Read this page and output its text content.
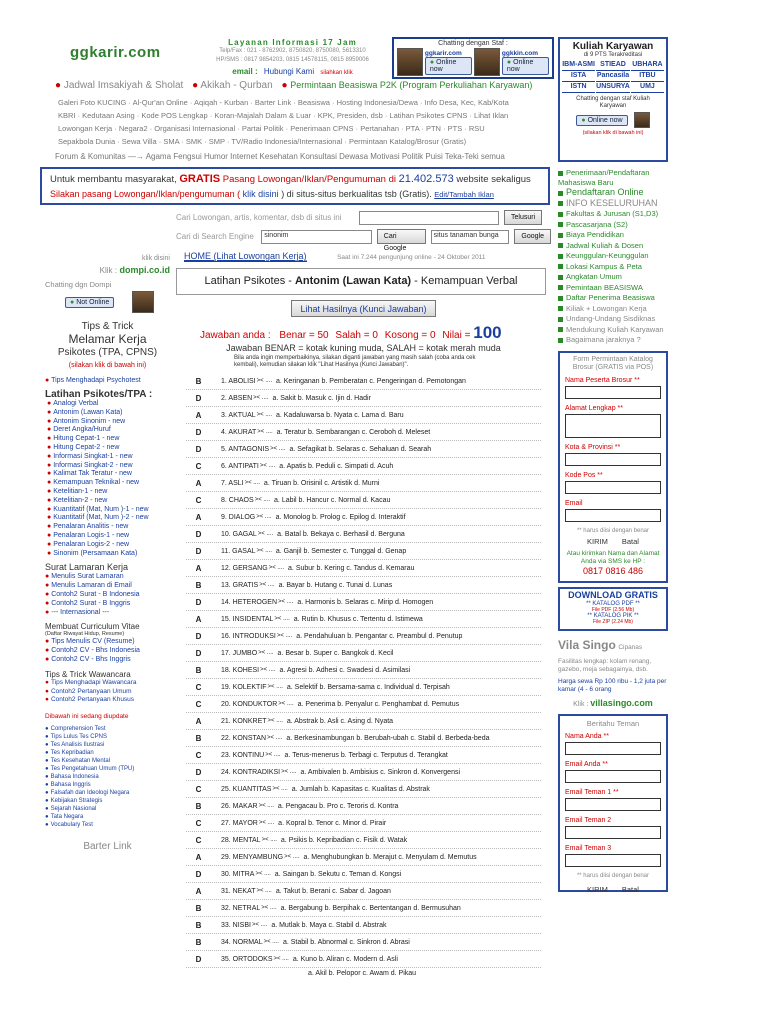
ggkarir.com
Layanan Informasi 17 Jam
Telp/Fax : 021 - 8762902, 8750820, 8750080, 5613310
HP/SMS : 0817 9854203, 0815 14578115, 0815 8959006
email : Hubungi Kami silahkan klik
Chatting dengan Staf :
ggkarir.com
● Online now
ggkkin.com
● Online now
● Jadwal Imsakiyah & Sholat ● Akikah - Qurban ● Permintaan Beasiswa P2K (Program Perkuliahan Karyawan)
Galeri Foto KUCING · Al-Qur'an Online · Aqiqah - Kurban · Barter Link · Beasiswa · Hosting Indonesia/Dewa · Info Desa, Kec, Kab/Kota
KBRI · Kedutaan Asing · Kode POS Lengkap · Koran-Majalah Dalam & Luar · KPK, Presiden, dsb · Latihan Psikotes CPNS · Lihat Iklan
Lowongan Kerja · Negara2 · Organisasi Internasional · Partai Politik · Penerimaan CPNS · Pertanahan · PTA · PTN · PTS · RSU
Sepakbola Dunia · Sewa Villa · SMA · SMK · SMP · TV/Radio Indonesia/Internasional · Permintaan Katalog/Brosur (Gratis)
Forum & Komunitas —→ Agama Fengsui Humor Internet Kesehatan Konsultasi Dewasa Motivasi Politik Puisi Teka-Teki semua
Untuk membantu masyarakat, GRATIS Pasang Lowongan/Iklan/Pengumuman di 21.402.573 website sekaligus
Silakan pasang Lowongan/Iklan/pengumuman ( klik disini ) di situs-situs berkualitas tsb (Gratis). Edit/Tambah Iklan
Cari Lowongan, artis, komentar, dsb di situs ini	Telusuri
Cari di Search Engine	sinonim	Cari Google
situs tanaman bunga	Google
HOME (Lihat Lowongan Kerja)	Saat ini 7.244 pengunjung online - 24 Oktober 2011
klik disini
Klik : dompi.co.id
Chatting dgn Dompi
● Not Online
Tips & Trick
Melamar Kerja
Psikotes (TPA, CPNS)
(silakan klik di bawah ini)
● Tips Menghadapi Psychotest
Latihan Psikotes/TPA :
● Analogi Verbal
● Antonim (Lawan Kata)
● Antonim Sinonim - new
● Deret Angka/Huruf
● Hitung Cepat-1 - new
● Hitung Cepat-2 - new
● Informasi Singkat-1 - new
● Informasi Singkat-2 - new
● Kalimat Tak Teratur - new
● Kemampuan Teknikal - new
● Ketelitian-1 - new
● Ketelitian-2 - new
● Kuantitatif (Mat, Num )-1 - new
● Kuantitatif (Mat, Num )-2 - new
● Penalaran Analitis - new
● Penalaran Logis-1 - new
● Penalaran Logis-2 - new
● Sinonim (Persamaan Kata)
Surat Lamaran Kerja
● Menulis Surat Lamaran
● Menulis Lamaran di Email
● Contoh2 Surat - B Indonesia
● Contoh2 Surat - B Inggris
● --- Internasional ---
Membuat Curriculum Vitae
(Daftar Riwayat Hidup, Resume)
● Tips Menulis CV (Resume)
● Contoh2 CV - Bhs Indonesia
● Contoh2 CV - Bhs Inggris
Tips & Trick Wawancara
● Tips Menghadapi Wawancara
● Contoh2 Pertanyaan Umum
● Contoh2 Pertanyaan Khusus
Dibawah ini sedang diupdate
● Comprehension Test
● Tips Lulus Tes CPNS
● Tes Analisis Ilustrasi
● Tes Kepribadian
● Tes Kesehatan Mental
● Tes Pengetahuan Umum (TPU)
● Bahasa Indonesia
● Bahasa Inggris
● Falsafah dan Ideologi Negara
● Kebijakan Strategis
● Sejarah Nasional
● Tata Negara
● Vocabulary Test
Barter Link
Latihan Psikotes - Antonim (Lawan Kata) - Kemampuan Verbal
Lihat Hasilnya (Kunci Jawaban)
Jawaban anda : Benar = 50 Salah = 0 Kosong = 0 Nilai = 100
Jawaban BENAR = kotak kuning muda, SALAH = kotak merah muda
Bila anda ingin memperbaikinya, silakan diganti jawaban yang masih salah (coba anda cek kembali), kemudian silakan klik "Lihat Hasilnya (Kunci Jawaban)".
B	1. ABOLISI >< .... a. Keringanan b. Pemberatan c. Pengeringan d. Pemotongan
D	2. ABSEN >< .... a. Sakit b. Masuk c. Ijin d. Hadir
A	3. AKTUAL >< .... a. Kadaluwarsa b. Nyata c. Lama d. Baru
D	4. AKURAT >< .... a. Teratur b. Sembarangan c. Ceroboh d. Meleset
D	5. ANTAGONIS >< .... a. Sefagikat b. Selaras c. Sehaluan d. Searah
C	6. ANTIPATI >< .... a. Apatis b. Peduli c. Simpati d. Acuh
A	7. ASLI >< .... a. Tiruan b. Orisinil c. Artistik d. Murni
C	8. CHAOS >< .... a. Labil b. Hancur c. Normal d. Kacau
A	9. DIALOG >< .... a. Monolog b. Prolog c. Epilog d. Interaktif
D	10. GAGAL >< .... a. Batal b. Bekaya c. Berhasil d. Berguna
D	11. GASAL >< .... a. Ganjil b. Semester c. Tunggal d. Genap
A	12. GERSANG >< .... a. Subur b. Kering c. Tandus d. Kemarau
B	13. GRATIS >< .... a. Bayar b. Hutang c. Tunai d. Lunas
D	14. HETEROGEN >< .... a. Harmonis b. Selaras c. Mirip d. Homogen
A	15. INSIDENTAL >< .... a. Rutin b. Khusus c. Tertentu d. Istimewa
D	16. INTRODUKSI >< .... a. Pendahuluan b. Pengantar c. Preambul d. Penutup
D	17. JUMBO >< .... a. Besar b. Super c. Bangkok d. Kecil
B	18. KOHESI >< .... a. Agresi b. Adhesi c. Swadesi d. Asimilasi
C	19. KOLEKTIF >< .... a. Selektif b. Bersama-sama c. Individual d. Terpisah
C	20. KONDUKTOR >< .... a. Penerima b. Penyalur c. Penghambat d. Pemutus
A	21. KONKRET >< .... a. Abstrak b. Asli c. Asing d. Nyata
B	22. KONSTAN >< .... a. Berkesinambungan b. Berubah-ubah c. Stabil d. Berbeda-beda
C	23. KONTINU >< .... a. Terus-menerus b. Terbagi c. Terputus d. Terangkat
D	24. KONTRADIKSI >< .... a. Ambivalen b. Ambisius c. Sinkron d. Konvergensi
C	25. KUANTITAS >< .... a. Jumlah b. Kapasitas c. Kualitas d. Abstrak
B	26. MAKAR >< .... a. Pengacau b. Pro c. Teroris d. Kontra
C	27. MAYOR >< .... a. Kopral b. Tenor c. Minor d. Pirair
C	28. MENTAL >< .... a. Psikis b. Kepribadian c. Fisik d. Watak
A	29. MENYAMBUNG >< .... a. Menghubungkan b. Merajut c. Menyulam d. Memutus
D	30. MITRA >< .... a. Saingan b. Sekutu c. Teman d. Kongsi
A	31. NEKAT >< .... a. Takut b. Berani c. Sabar d. Jagoan
B	32. NETRAL >< .... a. Bergabung b. Berpihak c. Bertentangan d. Bermusuhan
B	33. NISBI >< .... a. Mutlak b. Maya c. Stabil d. Abstrak
B	34. NORMAL >< .... a. Stabil b. Abnormal c. Sinkron d. Abrasi
D	35. ORTODOKS >< .... a. Kuno b. Aliran c. Modern d. Asli
a. Akil b. Pelopor c. Awam d. Pikau
Kuliah Karyawan
di 9 PTS Terakreditasi
IBM-ASMI STIEAD UBHARA
ISTA	Pancasila	ITBU
ISTN	UNSURYA	UMJ
Chatting dengan staf Kuliah Karyawan
● Online now
(silakan klik di bawah ini)
Penerimaan/Pendaftaran Mahasiswa Baru
Pendaftaran Online
INFO KESELURUHAN
Fakultas & Jurusan (S1,D3)
Pascasarjana (S2)
Biaya Pendidikan
Jadwal Kuliah & Dosen
Keunggulan-Keunggulan
Lokasi Kampus & Peta
Angkatan Umum
Pemintaan BEASISWA
Daftar Penerima Beasiswa
Kiliak + Lowongan Kerja
Undang-Undang Sisdiknas
Mendukung Kuliah Karyawan
Bagaimana jaraknya ?
Form Permintaan Katalog Brosur (GRATIS via POS)
Nama Peserta Brosur **
Alamat Lengkap **
Kota & Provinsi **
Kode Pos **
Email
** harus diisi dengan benar
KIRIM Batal
Atau kirimkan Nama dan Alamat Anda via SMS ke HP :
0817 0816 486
DOWNLOAD GRATIS
** KATALOG PDF **
File PDF (2.56 Mb)
** KATALOG PIK **
File ZIP (2.24 Mb)
Vila Singo Cipanas
Fasilitas lengkap: kolam renang, gazebo, meja sebagainya, dsb.
Harga sewa Rp 100 ribu - 1,2 juta per kamar (4 - 6 orang
Klik : villasingo.com
Beritahu Teman
Nama Anda **
Email Anda **
Email Teman 1 **
Email Teman 2
Email Teman 3
** harus diisi dengan benar
KIRIM Batal
